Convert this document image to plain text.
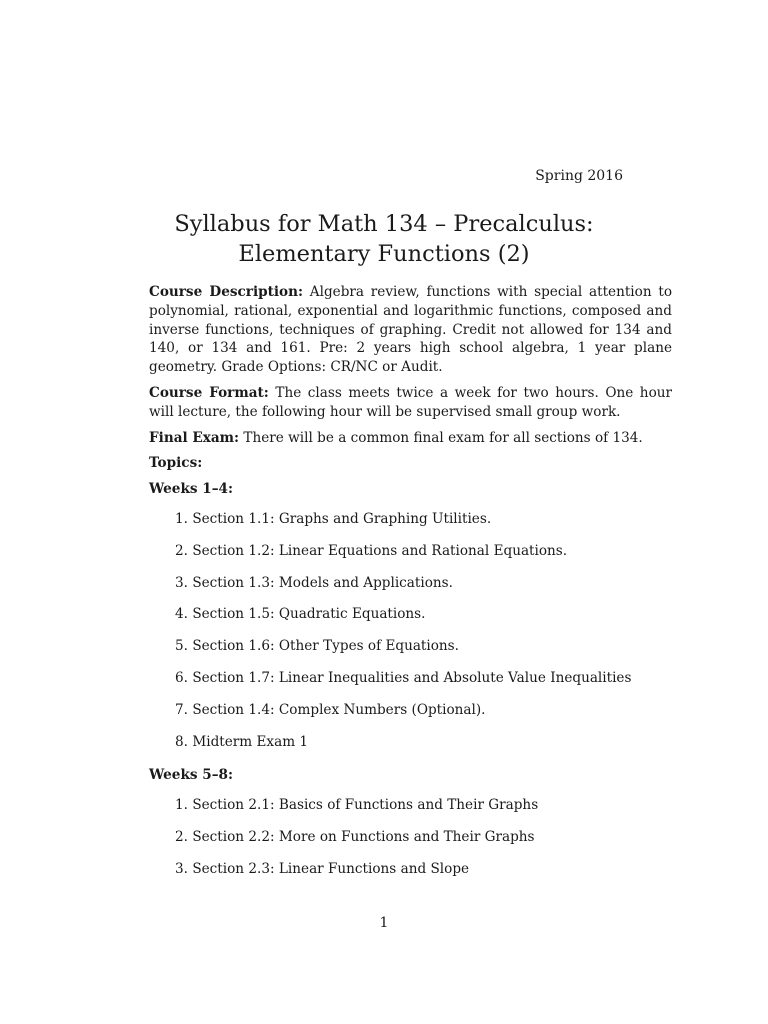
Spring 2016
Syllabus for Math 134 – Precalculus:
Elementary Functions (2)

Course Description: Algebra review, functions with special attention to polynomial, rational, exponential and logarithmic functions, composed and inverse functions, techniques of graphing. Credit not allowed for 134 and 140, or 134 and 161. Pre: 2 years high school algebra, 1 year plane geometry. Grade Options: CR/NC or Audit.

Course Format: The class meets twice a week for two hours. One hour will lecture, the following hour will be supervised small group work.

Final Exam: There will be a common final exam for all sections of 134.

Topics:

Weeks 1–4:

1.
Section 1.1: Graphs and Graphing Utilities.
2.
Section 1.2: Linear Equations and Rational Equations.
3.
Section 1.3: Models and Applications.
4.
Section 1.5: Quadratic Equations.
5.
Section 1.6: Other Types of Equations.
6.
Section 1.7: Linear Inequalities and Absolute Value Inequalities
7.
Section 1.4: Complex Numbers (Optional).
8.
Midterm Exam 1

Weeks 5–8:

1.
Section 2.1: Basics of Functions and Their Graphs
2.
Section 2.2: More on Functions and Their Graphs
3.
Section 2.3: Linear Functions and Slope
1
